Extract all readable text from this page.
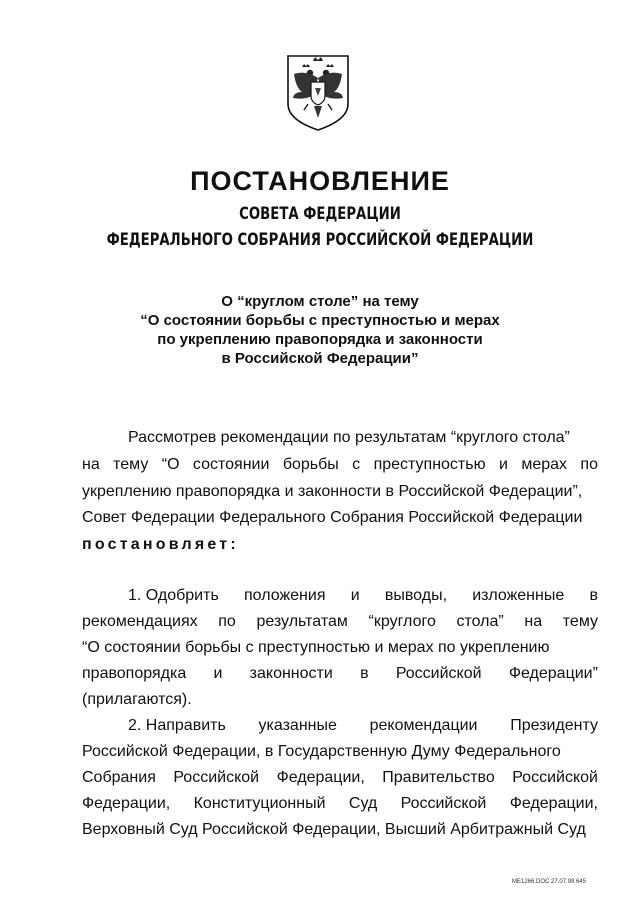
ПОСТАНОВЛЕНИЕ
СОВЕТА ФЕДЕРАЦИИ
ФЕДЕРАЛЬНОГО СОБРАНИЯ РОССИЙСКОЙ ФЕДЕРАЦИИ
О “круглом столе” на тему
“О состоянии борьбы с преступностью и мерах
по укреплению правопорядка и законности
в Российской Федерации”
Рассмотрев рекомендации по результатам “круглого стола”
на тему “О состоянии борьбы с преступностью и мерах по
укреплению правопорядка и законности в Российской Федерации”,
Совет Федерации Федерального Собрания Российской Федерации
постановляет:
1. Одобрить положения и выводы, изложенные в
рекомендациях по результатам “круглого стола” на тему
“О состоянии борьбы с преступностью и мерах по укреплению
правопорядка и законности в Российской Федерации”
(прилагаются).
2. Направить указанные рекомендации Президенту
Российской Федерации, в Государственную Думу Федерального
Собрания Российской Федерации, Правительство Российской
Федерации, Конституционный Суд Российской Федерации,
Верховный Суд Российской Федерации, Высший Арбитражный Суд
ME1266.DOC 27.07.99 645
